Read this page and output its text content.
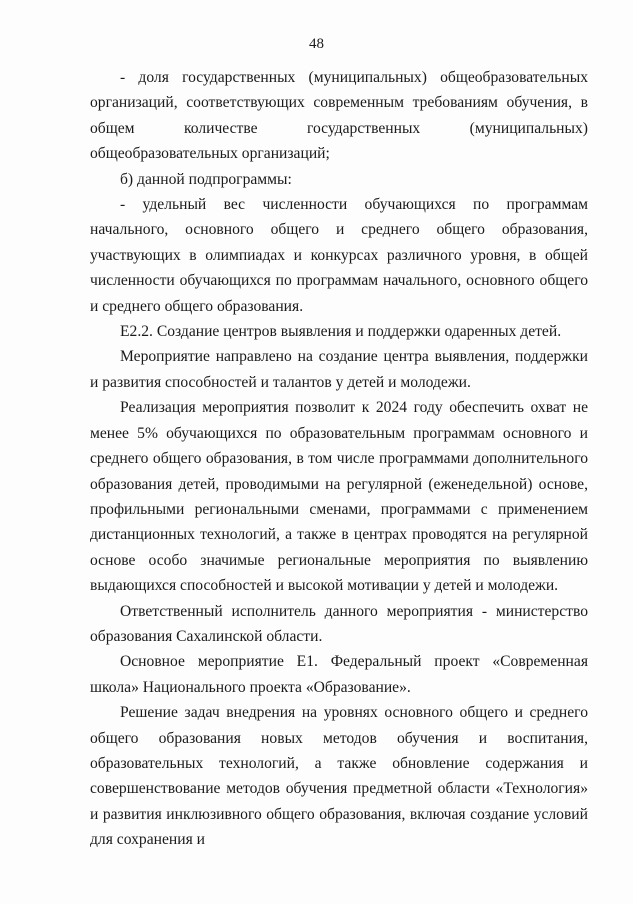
48

- доля государственных (муниципальных) общеобразовательных организаций, соответствующих современным требованиям обучения, в общем количестве государственных (муниципальных) общеобразовательных организаций;

б) данной подпрограммы:

- удельный вес численности обучающихся по программам начального, основного общего и среднего общего образования, участвующих в олимпиадах и конкурсах различного уровня, в общей численности обучающихся по программам начального, основного общего и среднего общего образования.

Е2.2. Создание центров выявления и поддержки одаренных детей.

Мероприятие направлено на создание центра выявления, поддержки и развития способностей и талантов у детей и молодежи.

Реализация мероприятия позволит к 2024 году обеспечить охват не менее 5% обучающихся по образовательным программам основного и среднего общего образования, в том числе программами дополнительного образования детей, проводимыми на регулярной (еженедельной) основе, профильными региональными сменами, программами с применением дистанционных технологий, а также в центрах проводятся на регулярной основе особо значимые региональные мероприятия по выявлению выдающихся способностей и высокой мотивации у детей и молодежи.

Ответственный исполнитель данного мероприятия - министерство образования Сахалинской области.

Основное мероприятие Е1. Федеральный проект «Современная школа» Национального проекта «Образование».

Решение задач внедрения на уровнях основного общего и среднего общего образования новых методов обучения и воспитания, образовательных технологий, а также обновление содержания и совершенствование методов обучения предметной области «Технология» и развития инклюзивного общего образования, включая создание условий для сохранения и
